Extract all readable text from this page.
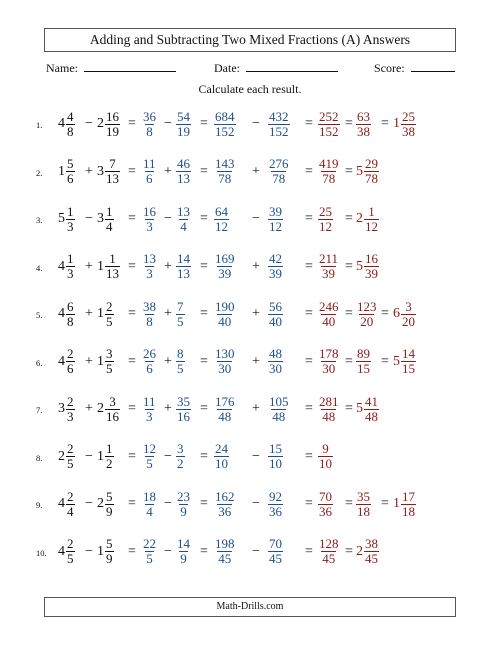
Adding and Subtracting Two Mixed Fractions (A) Answers
Name:	Date:	Score:
Calculate each result.
1. $4 \frac{4}{8} - 2 \frac{16}{19} = \frac{36}{8} - \frac{54}{19} = \frac{684}{152} - \frac{432}{152} = \frac{252}{152} = \frac{63}{38} = 1 \frac{25}{38}$
2. $1 \frac{5}{6} + 3 \frac{7}{13} = \frac{11}{6} + \frac{46}{13} = \frac{143}{78} + \frac{276}{78} = \frac{419}{78} = 5 \frac{29}{78}$
3. $5 \frac{1}{3} - 3 \frac{1}{4} = \frac{16}{3} - \frac{13}{4} = \frac{64}{12} - \frac{39}{12} = \frac{25}{12} = 2 \frac{1}{12}$
4. $4 \frac{1}{3} + 1 \frac{1}{13} = \frac{13}{3} + \frac{14}{13} = \frac{169}{39} + \frac{42}{39} = \frac{211}{39} = 5 \frac{16}{39}$
5. $4 \frac{6}{8} + 1 \frac{2}{5} = \frac{38}{8} + \frac{7}{5} = \frac{190}{40} + \frac{56}{40} = \frac{246}{40} = \frac{123}{20} = 6 \frac{3}{20}$
6. $4 \frac{2}{6} + 1 \frac{3}{5} = \frac{26}{6} + \frac{8}{5} = \frac{130}{30} + \frac{48}{30} = \frac{178}{30} = \frac{89}{15} = 5 \frac{14}{15}$
7. $3 \frac{2}{3} + 2 \frac{3}{16} = \frac{11}{3} + \frac{35}{16} = \frac{176}{48} + \frac{105}{48} = \frac{281}{48} = 5 \frac{41}{48}$
8. $2 \frac{2}{5} - 1 \frac{1}{2} = \frac{12}{5} - \frac{3}{2} = \frac{24}{10} - \frac{15}{10} = \frac{9}{10}$
9. $4 \frac{2}{4} - 2 \frac{5}{9} = \frac{18}{4} - \frac{23}{9} = \frac{162}{36} - \frac{92}{36} = \frac{70}{36} = \frac{35}{18} = 1 \frac{17}{18}$
10. $4 \frac{2}{5} - 1 \frac{5}{9} = \frac{22}{5} - \frac{14}{9} = \frac{198}{45} - \frac{70}{45} = \frac{128}{45} = 2 \frac{38}{45}$
Math-Drills.com
